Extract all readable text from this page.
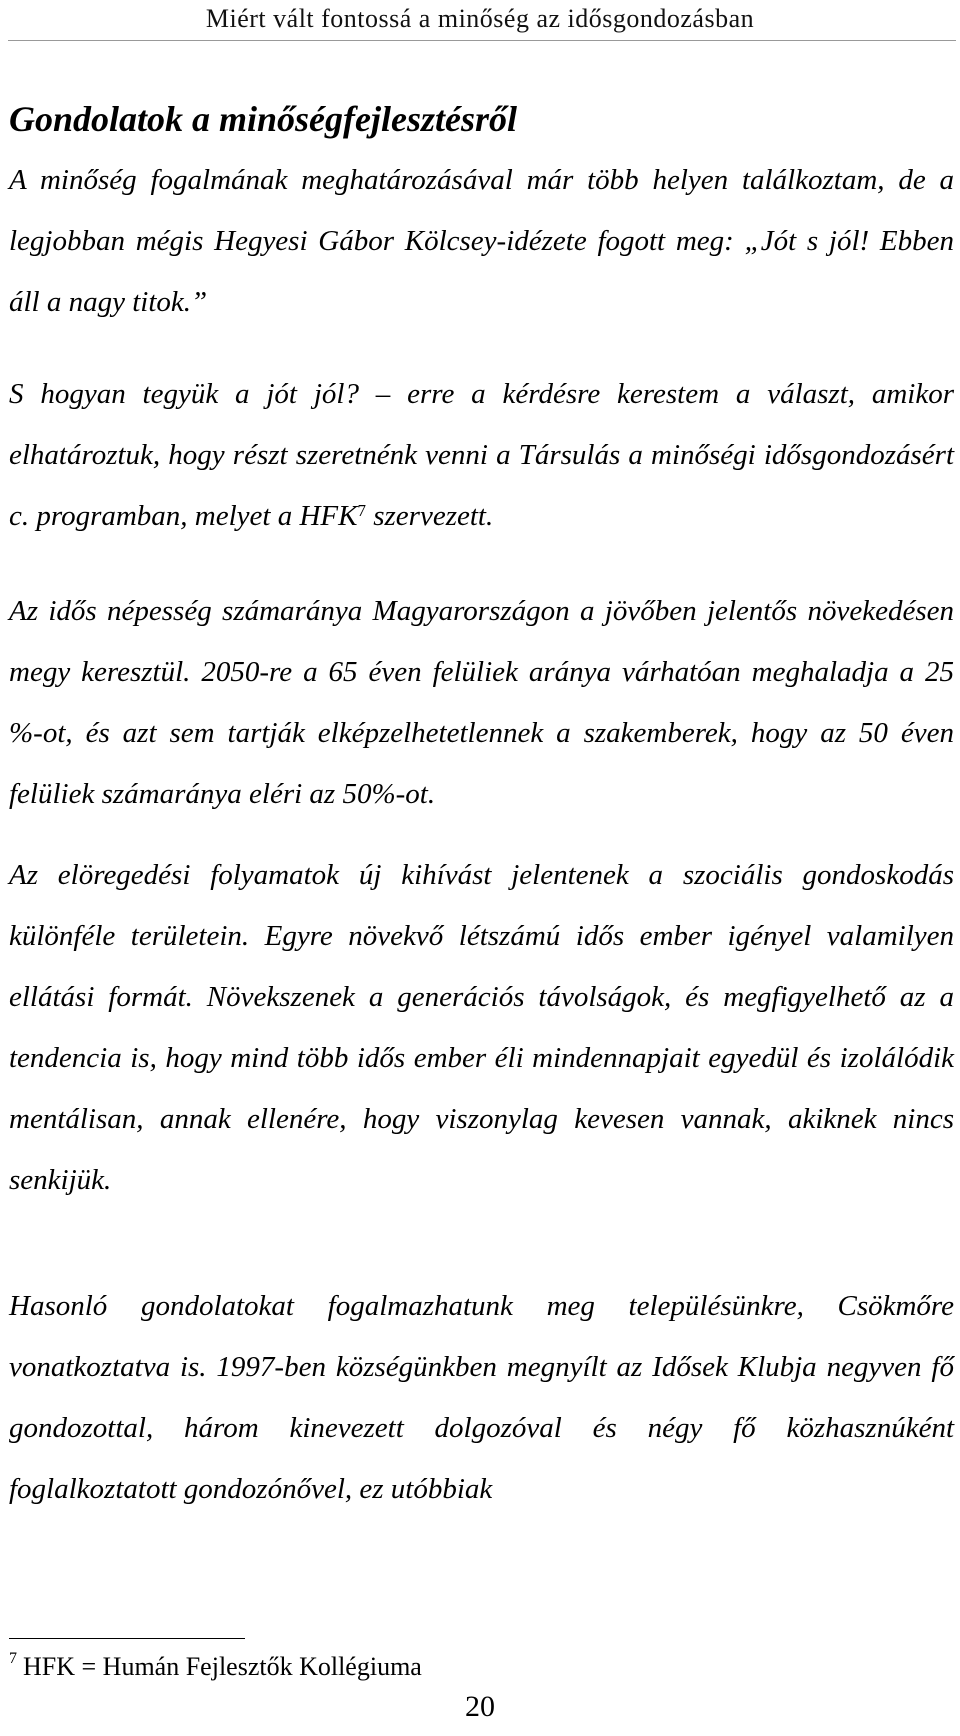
Miért vált fontossá a minőség az idősgondozásban
Gondolatok a minőségfejlesztésről

A minőség fogalmának meghatározásával már több helyen találkoztam, de a legjobban mégis Hegyesi Gábor Kölcsey-idézete fogott meg: „Jót s jól! Ebben áll a nagy titok.”

S hogyan tegyük a jót jól? – erre a kérdésre kerestem a választ, amikor elhatároztuk, hogy részt szeretnénk venni a Társulás a minőségi idősgondozásért c. programban, melyet a HFK$^7$ szervezett.

Az idős népesség számaránya Magyarországon a jövőben jelentős növekedésen megy keresztül. 2050-re a 65 éven felüliek aránya várhatóan meghaladja a 25 %-ot, és azt sem tartják elképzelhetetlennek a szakemberek, hogy az 50 éven felüliek számaránya eléri az 50%-ot.

Az elöregedési folyamatok új kihívást jelentenek a szociális gondoskodás különféle területein. Egyre növekvő létszámú idős ember igényel valamilyen ellátási formát. Növekszenek a generációs távolságok, és megfigyelhető az a tendencia is, hogy mind több idős ember éli mindennapjait egyedül és izolálódik mentálisan, annak ellenére, hogy viszonylag kevesen vannak, akiknek nincs senkijük.

Hasonló gondolatokat fogalmazhatunk meg településünkre, Csökmőre vonatkoztatva is. 1997-ben községünkben megnyílt az Idősek Klubja negyven fő gondozottal, három kinevezett dolgozóval és négy fő közhasznúként foglalkoztatott gondozónővel, ez utóbbiak

$^7$ HFK = Humán Fejlesztők Kollégiuma
20
